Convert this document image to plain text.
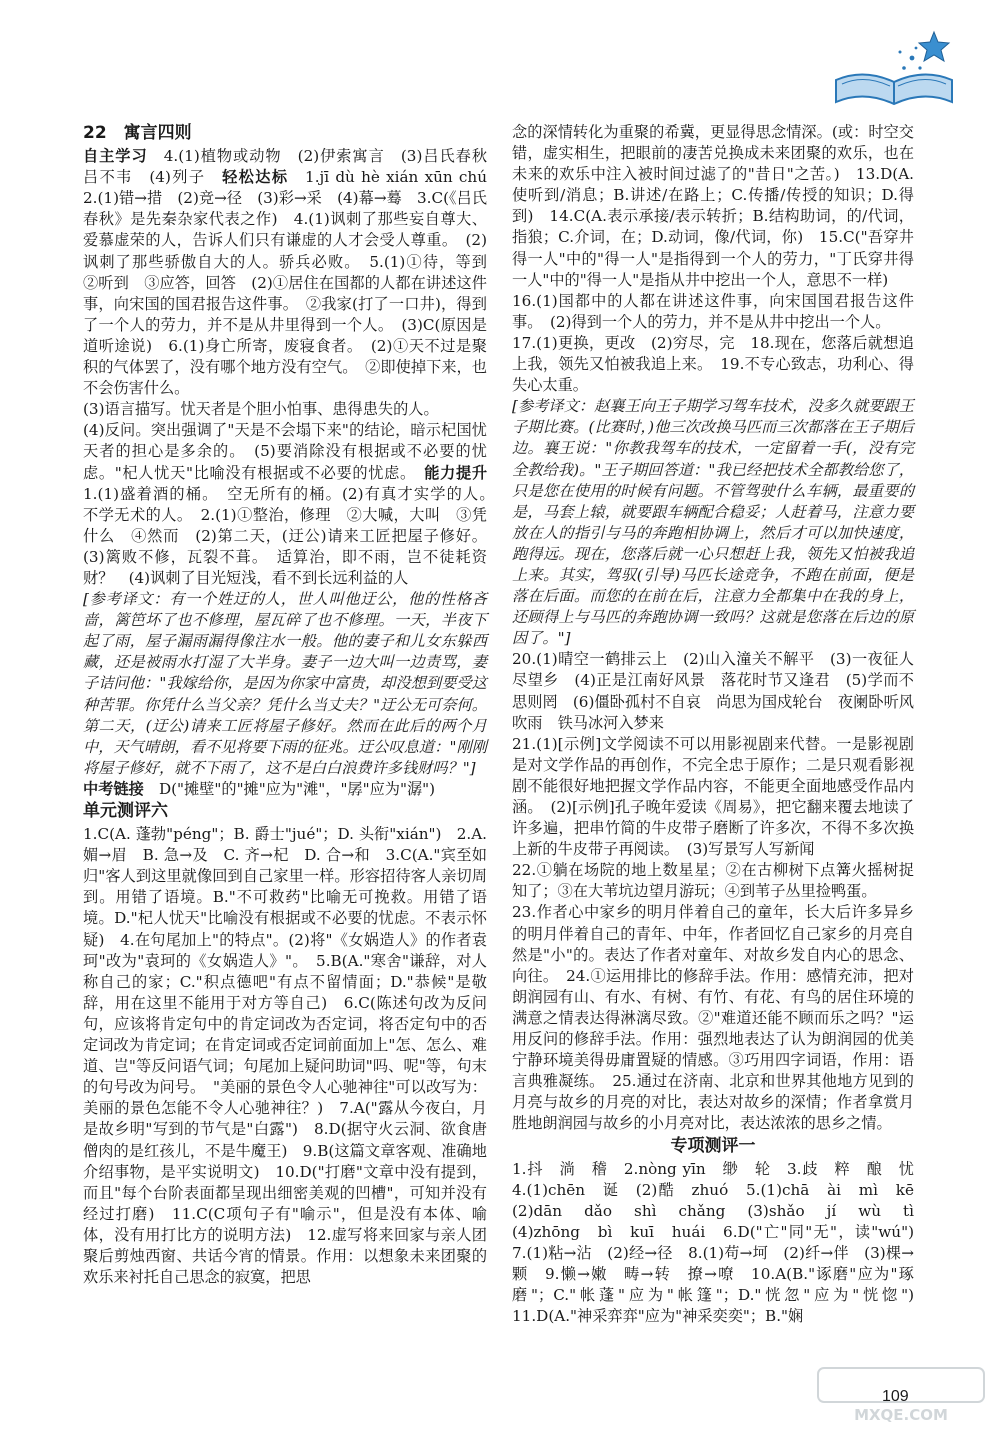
22　寓言四则

自主学习　 4.(1)植物或动物　(2)伊索寓言　(3)吕氏春秋　吕不韦　(4)列子　 轻松达标　 1.jī dù hè xián xūn chú　2.(1)错→措　(2)竞→径　(3)彩→采　(4)幕→蓦　3.C(《吕氏春秋》是先秦杂家代表之作)　4.(1)讽刺了那些妄自尊大、爱慕虚荣的人，告诉人们只有谦虚的人才会受人尊重。　(2)讽刺了那些骄傲自大的人。骄兵必败。　5.(1)①待，等到　②听到　③应答，回答　(2)①居住在国都的人都在讲述这件事，向宋国的国君报告这件事。　②我家(打了一口井)，得到了一个人的劳力，并不是从井里得到一个人。　(3)C(原因是道听途说)　6.(1)身亡所寄，废寝食者。　(2)①天不过是聚积的气体罢了，没有哪个地方没有空气。　②即使掉下来，也不会伤害什么。

(3)语言描写。忧天者是个胆小怕事、患得患失的人。

(4)反问。突出强调了"天是不会塌下来"的结论，暗示杞国忧天者的担心是多余的。　(5)要消除没有根据或不必要的忧虑。"杞人忧天"比喻没有根据或不必要的忧虑。　 能力提升　1.(1)盛着酒的桶。　空无所有的桶。(2)有真才实学的人。　不学无术的人。　2.(1)①整治，修理　②大喊，大叫　③凭什么　④然而　(2)第二天，(迂公)请来工匠把屋子修好。(3)篱败不修，瓦裂不葺。　适算治，即不雨，岂不徒耗资财？　(4)讽刺了目光短浅，看不到长远利益的人

[参考译文：有一个姓迂的人，世人叫他迂公，他的性格吝啬，篱笆坏了也不修理，屋瓦碎了也不修理。一天，半夜下起了雨，屋子漏雨漏得像注水一般。他的妻子和儿女东躲西藏，还是被雨水打湿了大半身。妻子一边大叫一边责骂，妻子诘问他："我嫁给你，是因为你家中富贵，却没想到要受这种苦罪。你凭什么当父亲？凭什么当丈夫？"迂公无可奈何。第二天，(迂公)请来工匠将屋子修好。然而在此后的两个月中，天气晴朗，看不见将要下雨的征兆。迂公叹息道："刚刚将屋子修好，就不下雨了，这不是白白浪费许多钱财吗？"]

中考链接　 D("摊壁"的"摊"应为"滩"，"孱"应为"潺")

单元测评六

1.C(A. 蓬勃"péng"；B. 爵士"jué"；D. 头衔"xián")　2.A. 媚→眉　B. 急→及　C. 齐→杞　D. 合→和　3.C(A."宾至如归"客人到这里就像回到自己家里一样。形容招待客人亲切周到。用错了语境。B."不可救药"比喻无可挽救。用错了语境。D."杞人忧天"比喻没有根据或不必要的忧虑。不表示怀疑)　4.在句尾加上"的特点"。(2)将"《女娲造人》的作者袁珂"改为"袁珂的《女娲造人》"。　5.B(A."寒舍"谦辞，对人称自己的家；C."积点德吧"有点不留情面；D."恭候"是敬辞，用在这里不能用于对方等自己)　6.C(陈述句改为反问句，应该将肯定句中的肯定词改为否定词，将否定句中的否定词改为肯定词；在肯定词或否定词前面加上"怎、怎么、难道、岂"等反问语气词；句尾加上疑问助词"吗、呢"等，句末的句号改为问号。　"美丽的景色令人心驰神往"可以改写为：美丽的景色怎能不令人心驰神往？)　7.A("露从今夜白，月是故乡明"写到的节气是"白露")　8.D(据守火云洞、欲食唐僧肉的是红孩儿，不是牛魔王)　9.B(这篇文章客观、准确地介绍事物，是平实说明文)　10.D("打磨"文章中没有提到，而且"每个台阶表面都呈现出细密美观的凹槽"，可知并没有经过打磨)　11.C(C项句子有"喻示"，但是没有本体、喻体，没有用打比方的说明方法)　12.虚写将来回家与亲人团聚后剪烛西窗、共话今宵的情景。作用：以想象未来团聚的欢乐来衬托自己思念的寂寞，把思

念的深情转化为重聚的希冀，更显得思念情深。(或：时空交错，虚实相生，把眼前的凄苦兑换成未来团聚的欢乐，也在未来的欢乐中注入被时间过滤了的"昔日"之苦。)　13.D(A.使听到/消息；B.讲述/在路上；C.传播/传授的知识；D.得到)　14.C(A.表示承接/表示转折；B.结构助词，的/代词，指狼；C.介词，在；D.动词，像/代词，你)　15.C("吾穿井得一人"中的"得一人"是指得到一个人的劳力，"丁氏穿井得一人"中的"得一人"是指从井中挖出一个人，意思不一样)

16.(1)国都中的人都在讲述这件事，向宋国国君报告这件事。　(2)得到一个人的劳力，并不是从井中挖出一个人。

17.(1)更换，更改　(2)穷尽，完　18.现在，您落后就想追上我，领先又怕被我追上来。　19.不专心致志，功利心、得失心太重。

[参考译文：赵襄王向王子期学习驾车技术，没多久就要跟王子期比赛。(比赛时，)他三次改换马匹而三次都落在王子期后边。襄王说："你教我驾车的技术，一定留着一手(，没有完全教给我)。"王子期回答道："我已经把技术全都教给您了，只是您在使用的时候有问题。不管驾驶什么车辆，最重要的是，马套上辕，就要跟车辆配合稳妥；人赶着马，注意力要放在人的指引与马的奔跑相协调上，然后才可以加快速度，跑得远。现在，您落后就一心只想赶上我，领先又怕被我追上来。其实，驾驭(引导)马匹长途竞争，不跑在前面，便是落在后面。而您的在前在后，注意力全都集中在我的身上，还顾得上与马匹的奔跑协调一致吗？这就是您落在后边的原因了。"]

20.(1)晴空一鹤排云上　(2)山入潼关不解平　(3)一夜征人尽望乡　(4)正是江南好风景　落花时节又逢君　(5)学而不思则罔　(6)僵卧孤村不自哀　尚思为国戍轮台　夜阑卧听风吹雨　铁马冰河入梦来

21.(1)[示例]文学阅读不可以用影视剧来代替。一是影视剧是对文学作品的再创作，不完全忠于原作；二是只观看影视剧不能很好地把握文学作品内容，不能更全面地感受作品内涵。　(2)[示例]孔子晚年爱读《周易》，把它翻来覆去地读了许多遍，把串竹简的牛皮带子磨断了许多次，不得不多次换上新的牛皮带子再阅读。　(3)写景写人写新闻

22.①躺在场院的地上数星星；②在古柳树下点篝火摇树捉知了；③在大苇坑边望月游玩；④到苇子丛里捡鸭蛋。

23.作者心中家乡的明月伴着自己的童年，长大后许多异乡的明月伴着自己的青年、中年，作者回忆自己家乡的月亮自然是"小"的。表达了作者对童年、对故乡发自内心的思念、向往。　24.①运用排比的修辞手法。作用：感情充沛，把对朗润园有山、有水、有树、有竹、有花、有鸟的居住环境的满意之情表达得淋漓尽致。②"难道还能不顾而乐之吗？"运用反问的修辞手法。作用：强烈地表达了认为朗润园的优美宁静环境美得毋庸置疑的情感。③巧用四字词语，作用：语言典雅凝练。　25.通过在济南、北京和世界其他地方见到的月亮与故乡的月亮的对比，表达对故乡的深情；作者拿赏月胜地朗润园与故乡的小月亮对比，表达浓浓的思乡之情。

专项测评一

1.抖　淌　稽　2.nòng yīn　缈　轮　3.歧　粹　酿　忧　4.(1)chēn　诞　(2)酷　zhuó　5.(1)chā　ài　mì　kē　(2)dān　dǎo　shì　chǎng　(3)shǎo　jí　wù　tì　(4)zhōng　bì　kuī　huái　6.D("亡"同"无"，读"wú")　7.(1)粘→沾　(2)经→径　8.(1)苟→坷　(2)纤→伴　(3)棵→颗　9.懒→嫩　畴→转　撩→嘹　10.A(B."诼磨"应为"琢磨"；C."帐蓬"应为"帐篷"；D."恍忽"应为"恍惚")　11.D(A."神采弈弈"应为"神采奕奕"；B."娴

109
MXQE.COM
